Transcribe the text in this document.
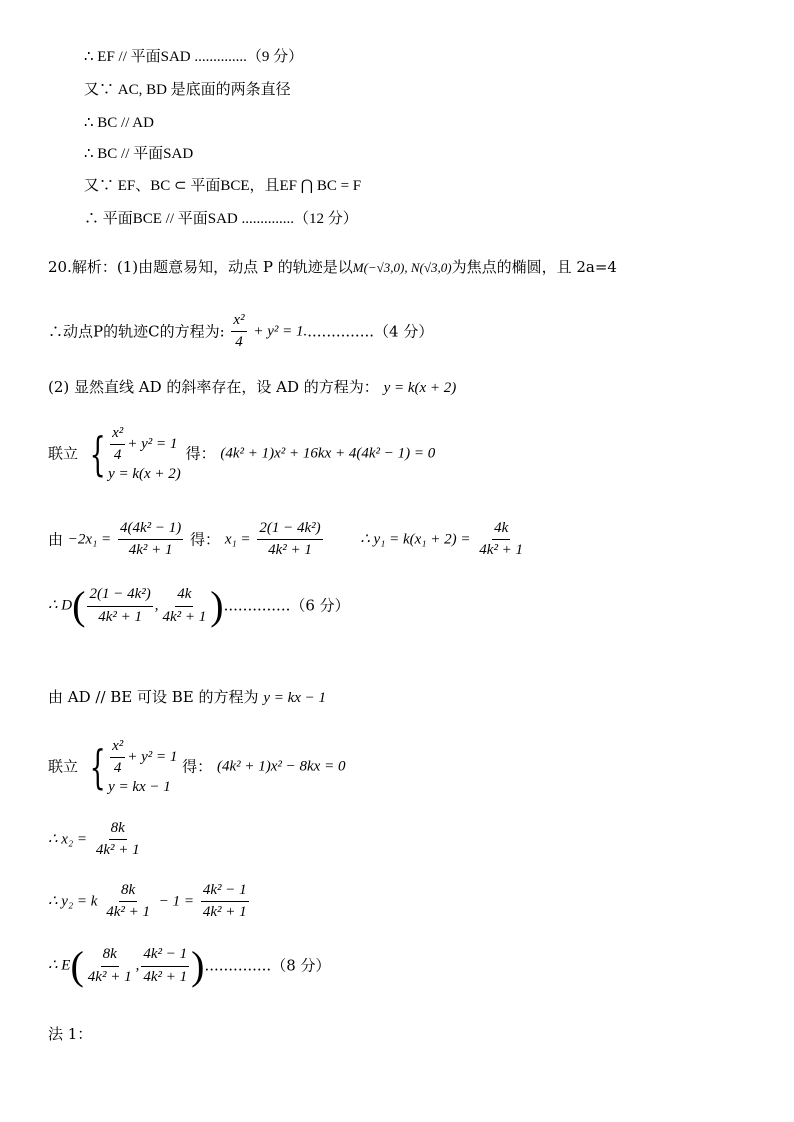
∴ EF // 平面SAD ..............（9 分）
又∵ AC, BD 是底面的两条直径
∴ BC // AD
∴ BC // 平面SAD
又∵ EF、BC ⊂ 平面BCE，且EF ⋂ BC = F
∴ 平面BCE // 平面SAD ..............（12 分）
20.解析：(1)由题意易知，动点 P 的轨迹是以M(−√3,0), N(√3,0)为焦点的椭圆，且 2a=4
∴动点P的轨迹C的方程为: $\frac{\text{x²}}{4} + y^2 = 1...............(4$ 分）
(2) 显然直线 AD 的斜率存在，设 AD 的方程为： y = k(x + 2)
联立 { $\frac{\text{x²}}{4} + y^2 = 1$
y = k(x + 2)
得： (4k² + 1)x² + 16kx + 4(4k² − 1) = 0
由 $-2x_1 = \frac{\text{4(4k² − 1)}}{\text{4k² + 1}}$ 得： $x_1 = \frac{\text{2(1 − 4k²)}}{\text{4k² + 1}}$	∴ $y_1 = k(x_1 + 2) = \frac{4k}{\text{4k² + 1}}$
∴ $D( \frac{\text{2(1 − 4k²)}}{\text{4k² + 1}}$ , $\frac{4k}{\text{4k² + 1}} )..............(6$ 分）
由 AD // BE 可设 BE 的方程为 y = kx − 1
联立 { $\frac{\text{x²}}{4} + y^2 = 1$
y = kx − 1
得： (4k² + 1)x² − 8kx = 0
∴ $x_2 = \frac{8k}{\text{4k² + 1}}$
∴ y₂ = k $\frac{8k}{\text{4k² + 1}} - 1 = \frac{\text{4k² − 1}}{\text{4k² + 1}}$
∴ $E( \frac{8k}{\text{4k² + 1}}$ , $\frac{\text{4k² − 1}}{\text{4k² + 1}} )..............(8$ 分）
法 1：
